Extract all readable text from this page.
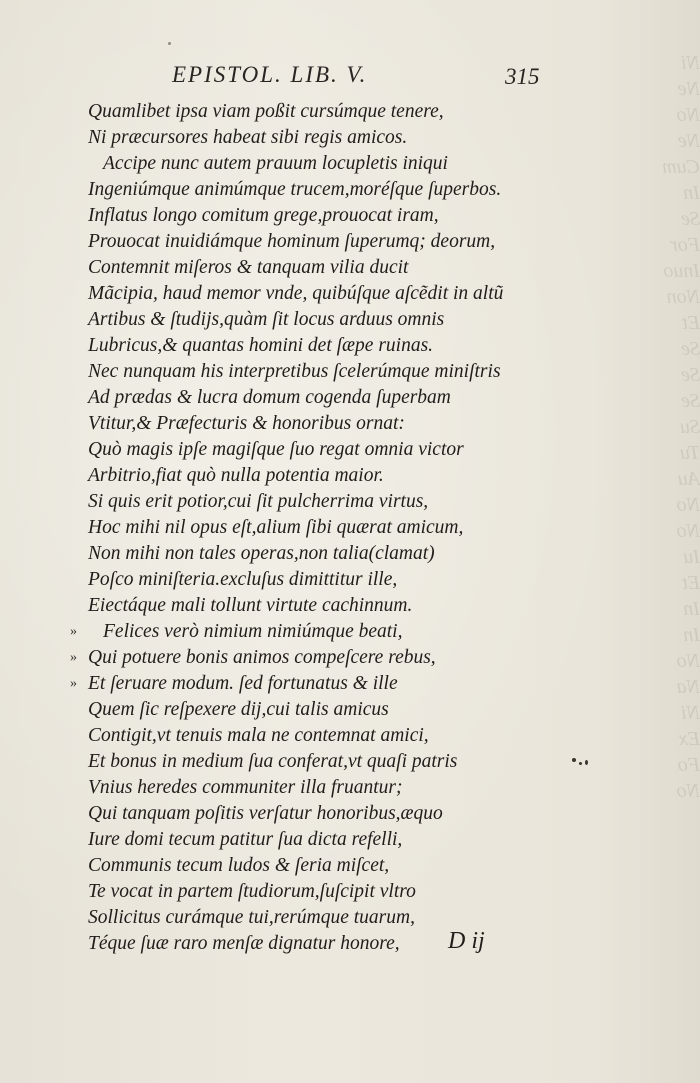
Ni
Ne
No
Ne
Cum
In
Se
For
Inuo
Non
Et
Se
Se
Se
Su
Tu
Au
No
No
Iu
Et
In
In
No
Na
Ni
Ex
Fo
No
EPISTOL. LIB. V.	315
Quamlibet ipsa viam poßit cursúmque tenere,
Ni præcursores habeat sibi regis amicos.
Accipe nunc autem prauum locupletis iniqui
Ingeniúmque animúmque trucem,moréſque ſuperbos.
Inflatus longo comitum grege,prouocat iram,
Prouocat inuidiámque hominum ſuperumq; deorum,
Contemnit miſeros & tanquam vilia ducit
Mãcipia, haud memor vnde, quibúſque aſcẽdit in altũ
Artibus & ſtudijs,quàm ſit locus arduus omnis
Lubricus,& quantas homini det ſæpe ruinas.
Nec nunquam his interpretibus ſcelerúmque miniſtris
Ad prædas & lucra domum cogenda ſuperbam
Vtitur,& Præfecturis & honoribus ornat:
Quò magis ipſe magiſque ſuo regat omnia victor
Arbitrio,fiat quò nulla potentia maior.
Si quis erit potior,cui ſit pulcherrima virtus,
Hoc mihi nil opus eſt,alium ſibi quærat amicum,
Non mihi non tales operas,non talia(clamat)
Poſco miniſteria.excluſus dimittitur ille,
Eiectáque mali tollunt virtute cachinnum.
» Felices verò nimium nimiúmque beati,
» Qui potuere bonis animos compeſcere rebus,
» Et ſeruare modum. ſed fortunatus & ille
Quem ſic reſpexere dij,cui talis amicus
Contigit,vt tenuis mala ne contemnat amici,
Et bonus in medium ſua conferat,vt quaſi patris
Vnius heredes communiter illa fruantur;
Qui tanquam poſitis verſatur honoribus,æquo
Iure domi tecum patitur ſua dicta refelli,
Communis tecum ludos & ſeria miſcet,
Te vocat in partem ſtudiorum,ſuſcipit vltro
Sollicitus curámque tui,rerúmque tuarum,
Téque ſuæ raro menſæ dignatur honore, D ij
